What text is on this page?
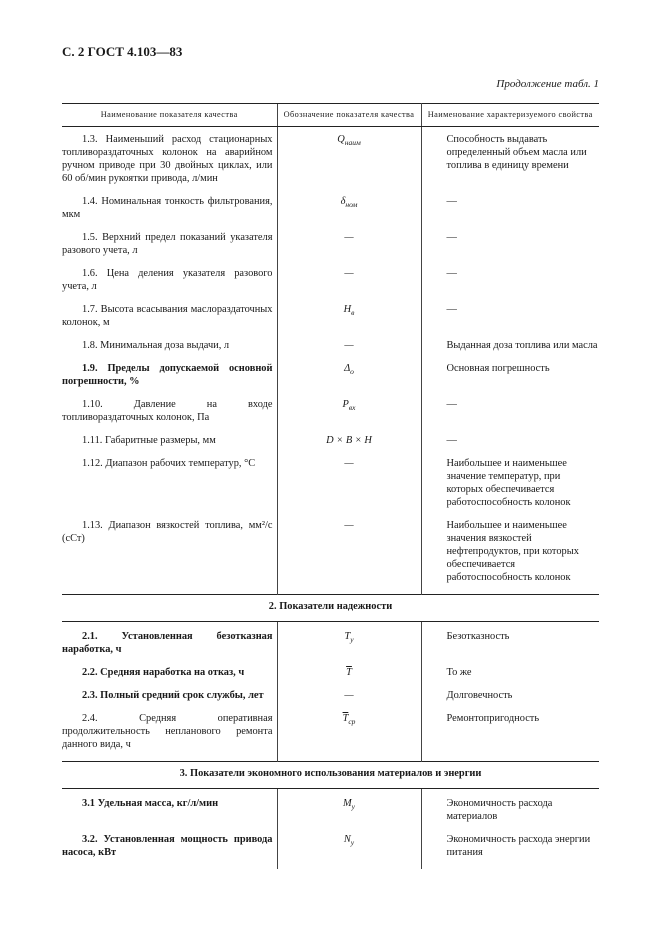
С. 2 ГОСТ 4.103—83
Продолжение табл. 1
Наименование показателя качества	Обозначение показателя качества	Наименование характеризуемого свойства

1.3. Наименьший расход стационарных топливораздаточных колонок на аварийном ручном приводе при 30 двойных циклах, или 60 об/мин рукоятки привода, л/мин	$Q_{наим}$	Способность выдавать определенный объем масла или топлива в единицу времени

1.4. Номинальная тонкость фильтрования, мкм	$\delta_{ном}$	—

1.5. Верхний предел показаний указателя разового учета, л	—	—

1.6. Цена деления указателя разового учета, л	—	—

1.7. Высота всасывания маслораздаточных колонок, м	$H_в$	—

1.8. Минимальная доза выдачи, л	—	Выданная доза топлива или масла

1.9. Пределы допускаемой основной погрешности, %	$\Delta_о$	Основная погрешность

1.10. Давление на входе топливораздаточных колонок, Па	$P_{вх}$	—

1.11. Габаритные размеры, мм	D × B × H	—

1.12. Диапазон рабочих температур, °С	—	Наибольшее и наименьшее значение температур, при которых обеспечивается работоспособность колонок

1.13. Диапазон вязкостей топлива, мм²/с (сСт)	—	Наибольшее и наименьшее значения вязкостей нефтепродуктов, при которых обеспечивается работоспособность колонок
2. Показатели надежности		

2.1. Установленная безотказная наработка, ч	$T_у$	Безотказность

2.2. Средняя наработка на отказ, ч	$\overline{T}$	То же

2.3. Полный средний срок службы, лет	—	Долговечность

2.4. Средняя оперативная продолжительность непланового ремонта данного вида, ч	$\overline{T}_{ср}$	Ремонтопригодность
3. Показатели экономного использования материалов и энергии		

3.1 Удельная масса, кг/л/мин	$M_у$	Экономичность расхода материалов

3.2. Установленная мощность привода насоса, кВт	$N_у$	Экономичность расхода энергии питания
